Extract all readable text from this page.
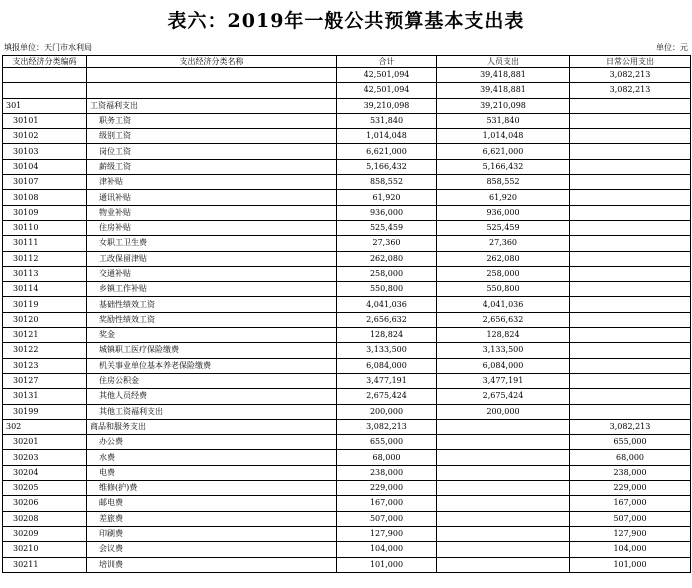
表六：2019年一般公共预算基本支出表
填报单位：天门市水利局	单位：元
支出经济分类编码	支出经济分类名称	合计	人员支出	日常公用支出
		42,501,094	39,418,881	3,082,213
		42,501,094	39,418,881	3,082,213
301	工资福利支出	39,210,098	39,210,098	
30101	职务工资	531,840	531,840	
30102	级别工资	1,014,048	1,014,048	
30103	岗位工资	6,621,000	6,621,000	
30104	薪级工资	5,166,432	5,166,432	
30107	津补贴	858,552	858,552	
30108	通讯补贴	61,920	61,920	
30109	物业补贴	936,000	936,000	
30110	住房补贴	525,459	525,459	
30111	女职工卫生费	27,360	27,360	
30112	工改保留津贴	262,080	262,080	
30113	交通补贴	258,000	258,000	
30114	乡镇工作补贴	550,800	550,800	
30119	基础性绩效工资	4,041,036	4,041,036	
30120	奖励性绩效工资	2,656,632	2,656,632	
30121	奖金	128,824	128,824	
30122	城镇职工医疗保险缴费	3,133,500	3,133,500	
30123	机关事业单位基本养老保险缴费	6,084,000	6,084,000	
30127	住房公积金	3,477,191	3,477,191	
30131	其他人员经费	2,675,424	2,675,424	
30199	其他工资福利支出	200,000	200,000	
302	商品和服务支出	3,082,213		3,082,213
30201	办公费	655,000		655,000
30203	水费	68,000		68,000
30204	电费	238,000		238,000
30205	维修(护)费	229,000		229,000
30206	邮电费	167,000		167,000
30208	差旅费	507,000		507,000
30209	印刷费	127,900		127,900
30210	会议费	104,000		104,000
30211	培训费	101,000		101,000
